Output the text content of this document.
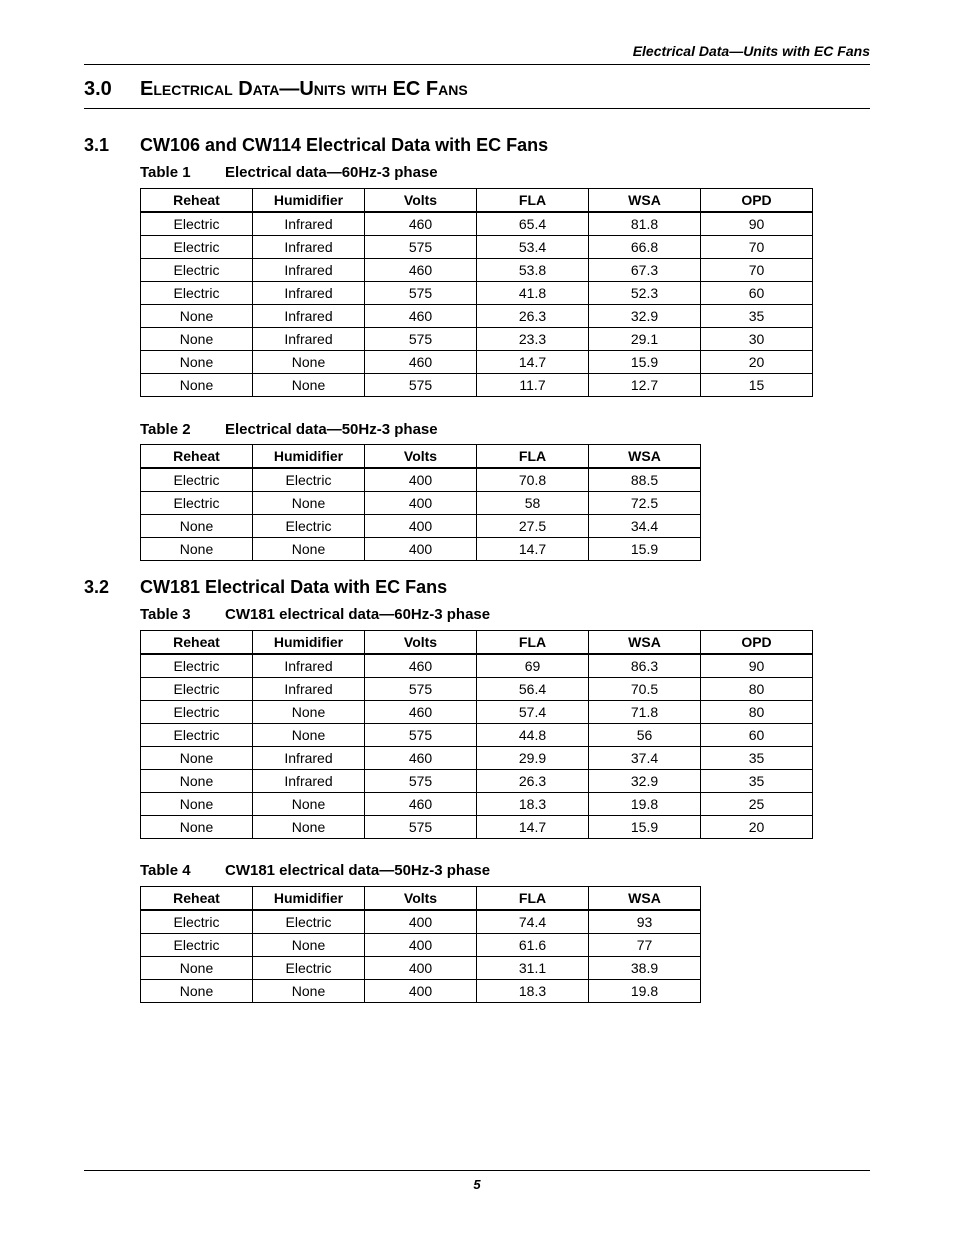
Electrical Data—Units with EC Fans
3.0 Electrical Data—Units with EC Fans
3.1 CW106 and CW114 Electrical Data with EC Fans
Table 1 Electrical data—60Hz-3 phase
Reheat	Humidifier	Volts	FLA	WSA	OPD
Electric	Infrared	460	65.4	81.8	90
Electric	Infrared	575	53.4	66.8	70
Electric	Infrared	460	53.8	67.3	70
Electric	Infrared	575	41.8	52.3	60
None	Infrared	460	26.3	32.9	35
None	Infrared	575	23.3	29.1	30
None	None	460	14.7	15.9	20
None	None	575	11.7	12.7	15
Table 2 Electrical data—50Hz-3 phase
Reheat	Humidifier	Volts	FLA	WSA
Electric	Electric	400	70.8	88.5
Electric	None	400	58	72.5
None	Electric	400	27.5	34.4
None	None	400	14.7	15.9
3.2 CW181 Electrical Data with EC Fans
Table 3 CW181 electrical data—60Hz-3 phase
Reheat	Humidifier	Volts	FLA	WSA	OPD
Electric	Infrared	460	69	86.3	90
Electric	Infrared	575	56.4	70.5	80
Electric	None	460	57.4	71.8	80
Electric	None	575	44.8	56	60
None	Infrared	460	29.9	37.4	35
None	Infrared	575	26.3	32.9	35
None	None	460	18.3	19.8	25
None	None	575	14.7	15.9	20
Table 4 CW181 electrical data—50Hz-3 phase
Reheat	Humidifier	Volts	FLA	WSA
Electric	Electric	400	74.4	93
Electric	None	400	61.6	77
None	Electric	400	31.1	38.9
None	None	400	18.3	19.8
5
